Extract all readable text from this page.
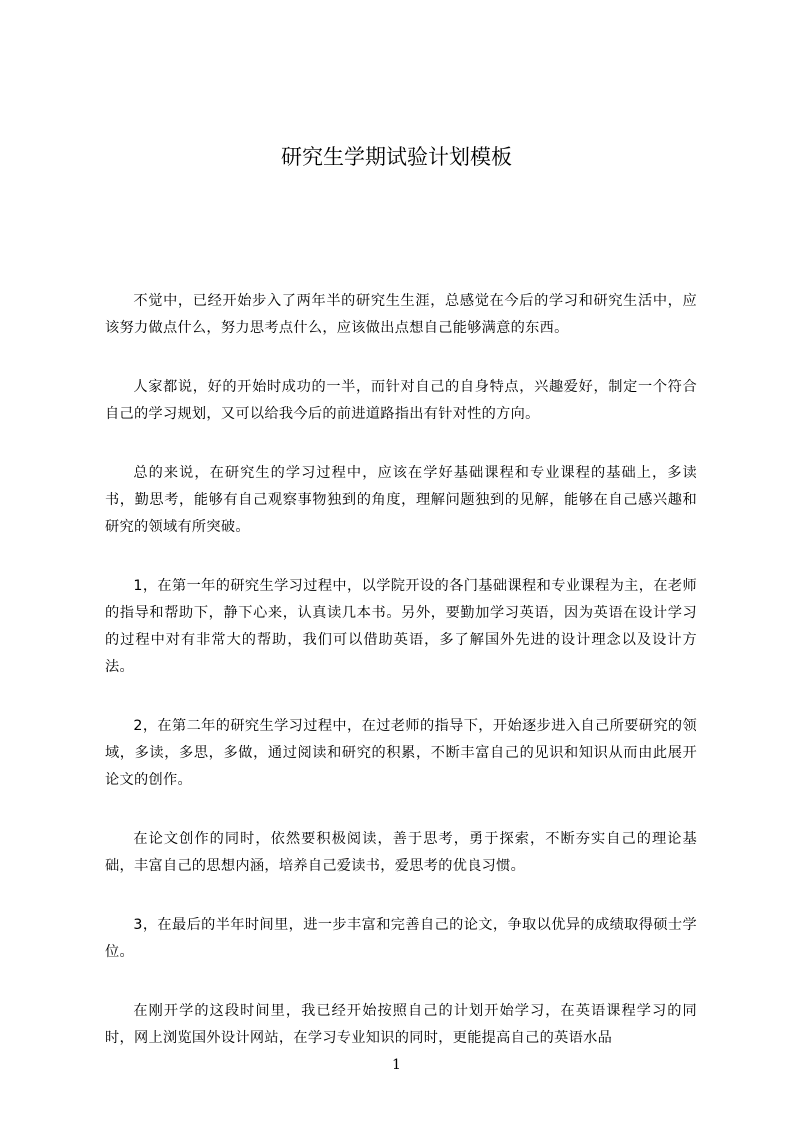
研究生学期试验计划模板

不觉中，已经开始步入了两年半的研究生生涯，总感觉在今后的学习和研究生活中，应该努力做点什么，努力思考点什么，应该做出点想自己能够满意的东西。

人家都说，好的开始时成功的一半，而针对自己的自身特点，兴趣爱好，制定一个符合自己的学习规划，又可以给我今后的前进道路指出有针对性的方向。

总的来说，在研究生的学习过程中，应该在学好基础课程和专业课程的基础上，多读书，勤思考，能够有自己观察事物独到的角度，理解问题独到的见解，能够在自己感兴趣和研究的领域有所突破。

1，在第一年的研究生学习过程中，以学院开设的各门基础课程和专业课程为主，在老师的指导和帮助下，静下心来，认真读几本书。另外，要勤加学习英语，因为英语在设计学习的过程中对有非常大的帮助，我们可以借助英语，多了解国外先进的设计理念以及设计方法。

2，在第二年的研究生学习过程中，在过老师的指导下，开始逐步进入自己所要研究的领域，多读，多思，多做，通过阅读和研究的积累，不断丰富自己的见识和知识从而由此展开论文的创作。

在论文创作的同时，依然要积极阅读，善于思考，勇于探索，不断夯实自己的理论基础，丰富自己的思想内涵，培养自己爱读书，爱思考的优良习惯。

3，在最后的半年时间里，进一步丰富和完善自己的论文，争取以优异的成绩取得硕士学位。

在刚开学的这段时间里，我已经开始按照自己的计划开始学习，在英语课程学习的同时，网上浏览国外设计网站，在学习专业知识的同时，更能提高自己的英语水品

1
